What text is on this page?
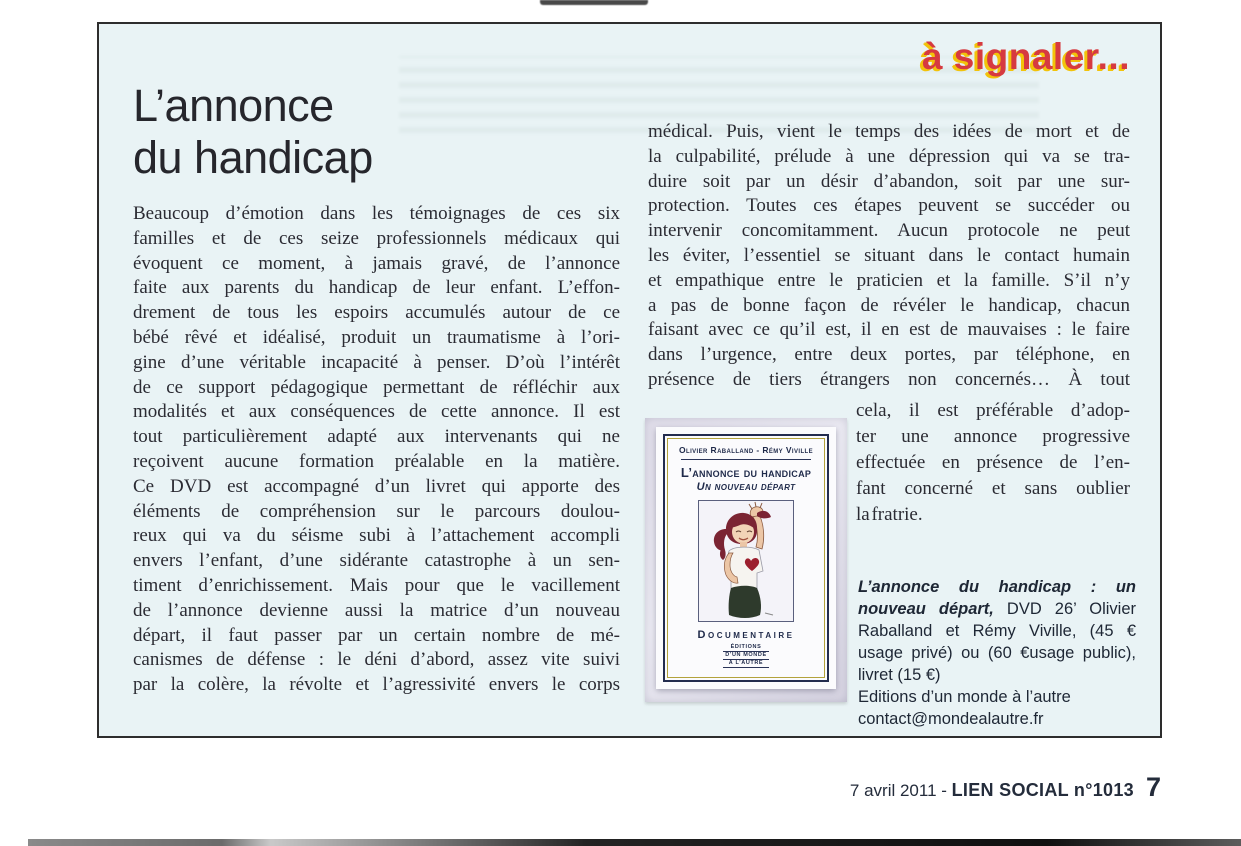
à signaler...
L’annonce
du handicap
Beaucoup d’émotion dans les témoignages de ces six
familles et de ces seize professionnels médicaux qui
évoquent ce moment, à jamais gravé, de l’annonce
faite aux parents du handicap de leur enfant. L’effon-
drement de tous les espoirs accumulés autour de ce
bébé rêvé et idéalisé, produit un traumatisme à l’ori-
gine d’une véritable incapacité à penser. D’où l’intérêt
de ce support pédagogique permettant de réfléchir aux
modalités et aux conséquences de cette annonce. Il est
tout particulièrement adapté aux intervenants qui ne
reçoivent aucune formation préalable en la matière.
Ce DVD est accompagné d’un livret qui apporte des
éléments de compréhension sur le parcours doulou-
reux qui va du séisme subi à l’attachement accompli
envers l’enfant, d’une sidérante catastrophe à un sen-
timent d’enrichissement. Mais pour que le vacillement
de l’annonce devienne aussi la matrice d’un nouveau
départ, il faut passer par un certain nombre de mé-
canismes de défense : le déni d’abord, assez vite suivi
par la colère, la révolte et l’agressivité envers le corps
médical. Puis, vient le temps des idées de mort et de
la culpabilité, prélude à une dépression qui va se tra-
duire soit par un désir d’abandon, soit par une sur-
protection. Toutes ces étapes peuvent se succéder ou
intervenir concomitamment. Aucun protocole ne peut
les éviter, l’essentiel se situant dans le contact humain
et empathique entre le praticien et la famille. S’il n’y
a pas de bonne façon de révéler le handicap, chacun
faisant avec ce qu’il est, il en est de mauvaises : le faire
dans l’urgence, entre deux portes, par téléphone, en
présence de tiers étrangers non concernés… À tout
cela, il est préférable d’adop-
ter une annonce progressive
effectuée en présence de l’en-
fant concerné et sans oublier
la fratrie.
Olivier Raballand - Rémy Viville
L’annonce du handicap
Un nouveau départ
Documentaire
ÉDITIONS
D’UN MONDE
À L’AUTRE
L’annonce du handicap : un nouveau départ, DVD 26’ Olivier Raballand et Rémy Viville, (45 € usage privé) ou (60 €usage public), livret (15 €)
Editions d’un monde à l’autre
contact@mondealautre.fr
7 avril 2011 - LIEN SOCIAL n°1013 7
